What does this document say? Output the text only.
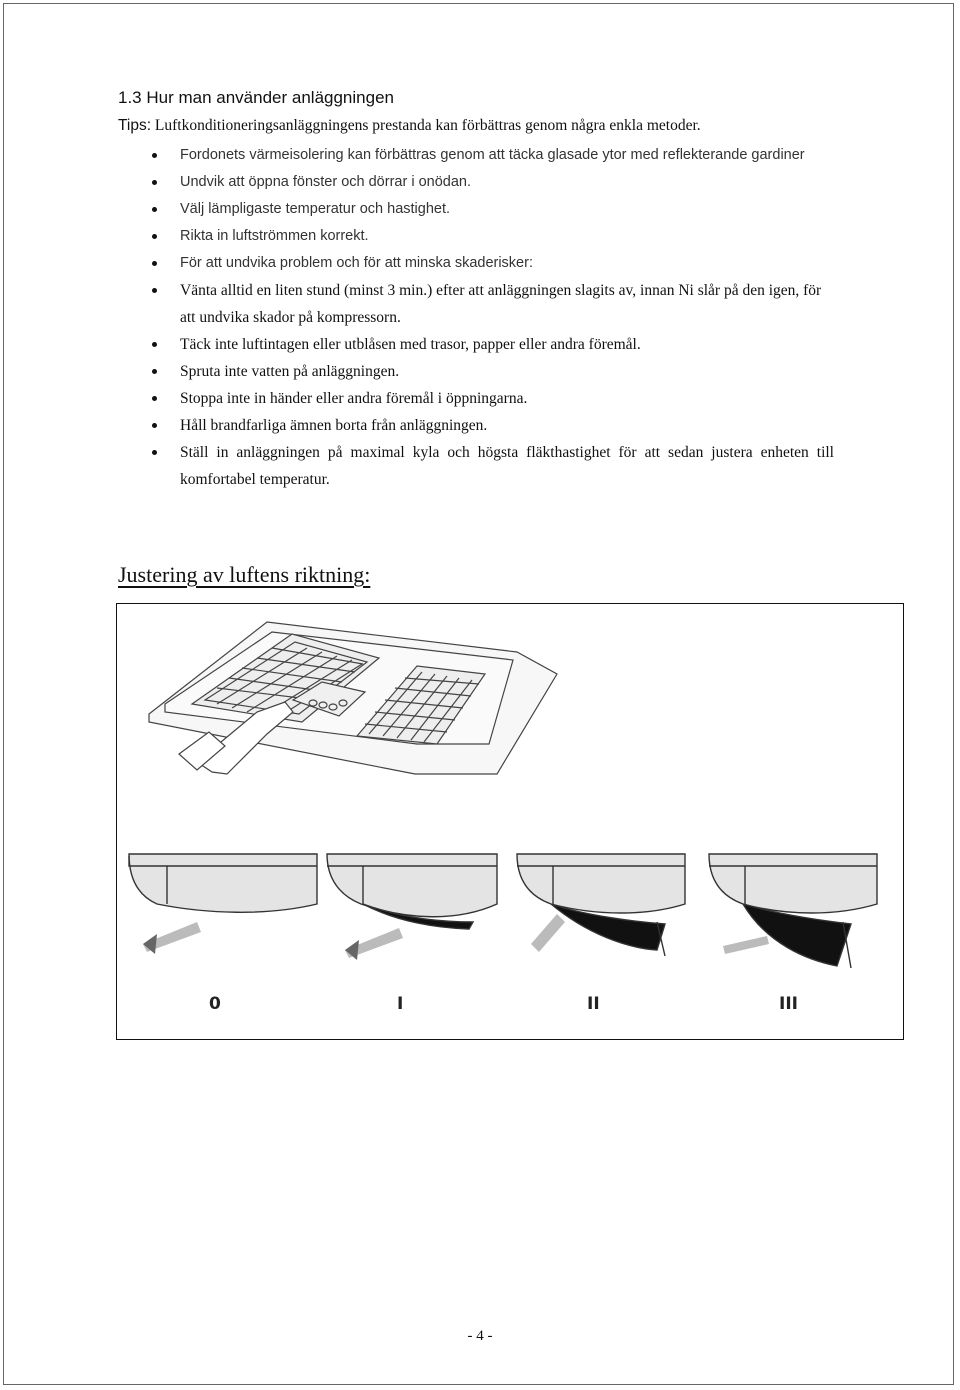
1.3 Hur man använder anläggningen
Tips: Luftkonditioneringsanläggningens prestanda kan förbättras genom några enkla metoder.
Fordonets värmeisolering kan förbättras genom att täcka glasade ytor med reflekterande gardiner
Undvik att öppna fönster och dörrar i onödan.
Välj lämpligaste temperatur och hastighet.
Rikta in luftströmmen korrekt.
För att undvika problem och för att minska skaderisker:
Vänta alltid en liten stund (minst 3 min.) efter att anläggningen slagits av, innan Ni slår på den igen, för att undvika skador på kompressorn.
Täck inte luftintagen eller utblåsen med trasor, papper eller andra föremål.
Spruta inte vatten på anläggningen.
Stoppa inte in händer eller andra föremål i öppningarna.
Håll brandfarliga ämnen borta från anläggningen.
Ställ in anläggningen på maximal kyla och högsta fläkthastighet för att sedan justera enheten till komfortabel temperatur.
Justering av luftens riktning:
0	I	II	III
- 4 -
